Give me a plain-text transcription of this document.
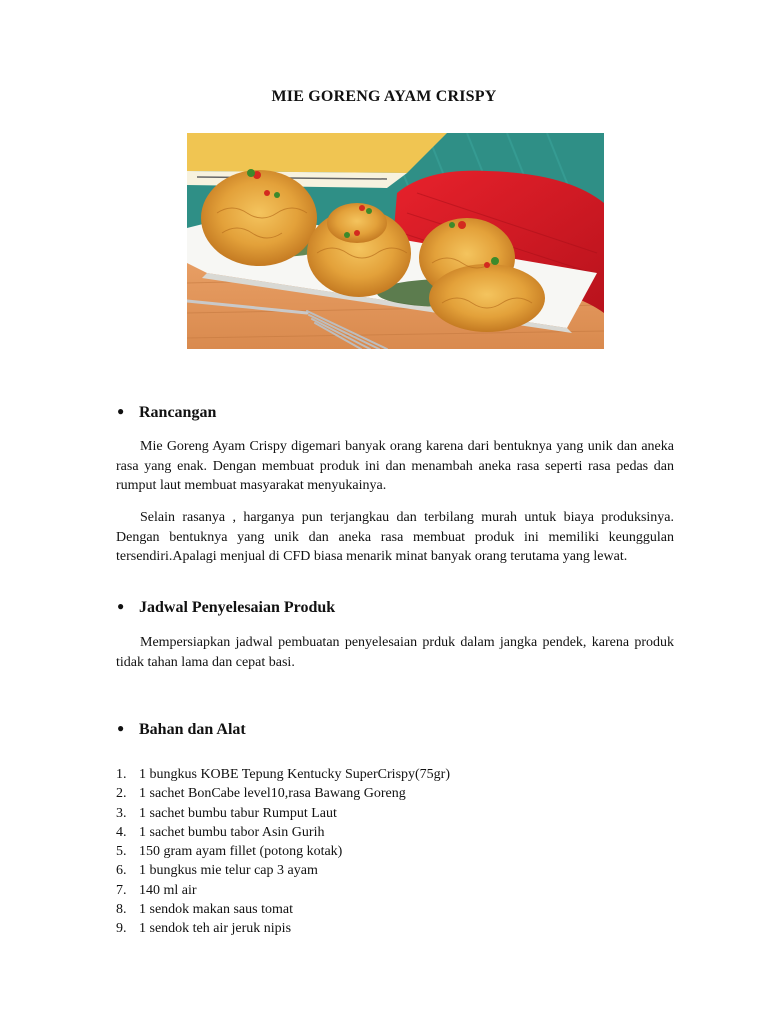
MIE GORENG AYAM CRISPY
● Rancangan

Mie Goreng Ayam Crispy digemari banyak orang karena dari bentuknya yang unik dan aneka rasa yang enak. Dengan membuat produk ini dan menambah aneka rasa seperti rasa pedas dan rumput laut membuat masyarakat menyukainya.

Selain rasanya , harganya pun terjangkau dan terbilang murah untuk biaya produksinya. Dengan bentuknya yang unik dan aneka rasa membuat produk ini memiliki keunggulan tersendiri.Apalagi menjual di CFD biasa menarik minat banyak orang terutama yang lewat.

● Jadwal Penyelesaian Produk

Mempersiapkan jadwal pembuatan penyelesaian prduk dalam jangka pendek, karena produk tidak tahan lama dan cepat basi.

● Bahan dan Alat
1. 1 bungkus KOBE Tepung Kentucky SuperCrispy(75gr)
2. 1 sachet BonCabe level10,rasa Bawang Goreng
3. 1 sachet bumbu tabur Rumput Laut
4. 1 sachet bumbu tabor Asin Gurih
5. 150 gram ayam fillet (potong kotak)
6. 1 bungkus mie telur cap 3 ayam
7. 140 ml air
8. 1 sendok makan saus tomat
9. 1 sendok teh air jeruk nipis
